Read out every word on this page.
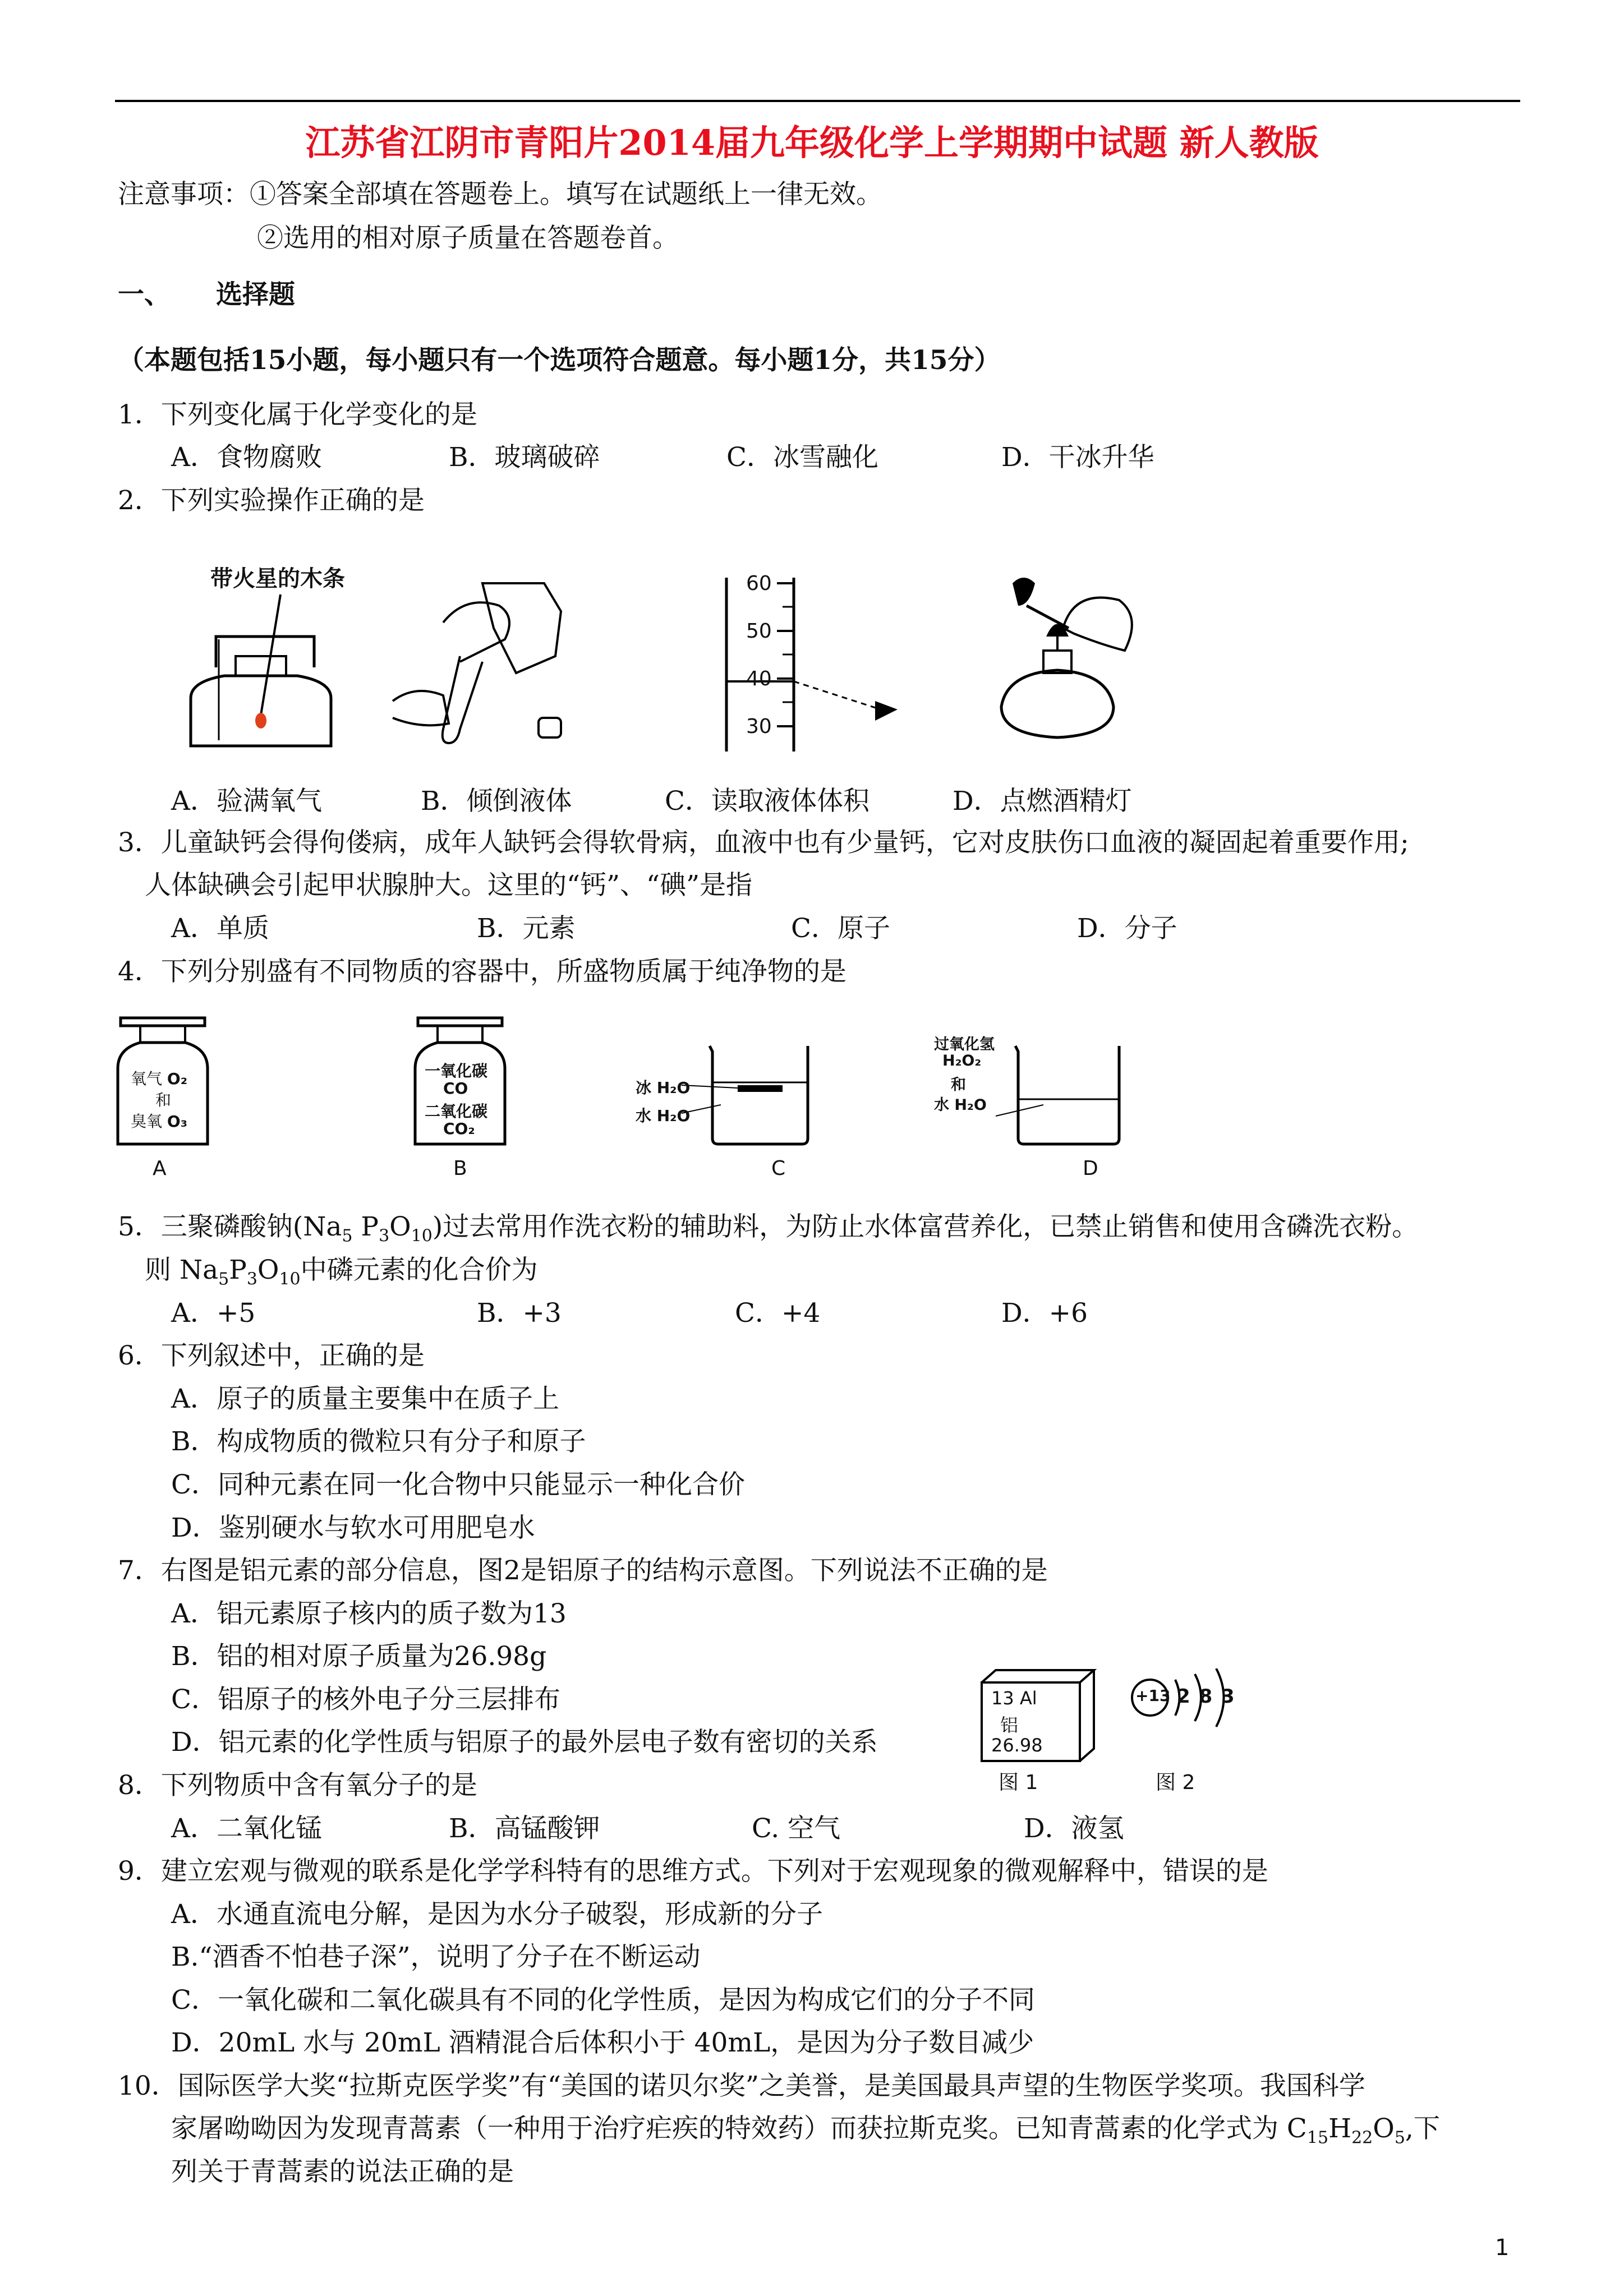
江苏省江阴市青阳片2014届九年级化学上学期期中试题 新人教版
注意事项：①答案全部填在答题卷上。填写在试题纸上一律无效。
②选用的相对原子质量在答题卷首。
一、 选择题
（本题包括15小题，每小题只有一个选项符合题意。每小题1分，共15分）
1．下列变化属于化学变化的是
A．食物腐败	B．玻璃破碎	C．冰雪融化	D．干冰升华
2．下列实验操作正确的是
带火星的木条	60
50
40
30
A．验满氧气	B．倾倒液体	C．读取液体体积	D．点燃酒精灯
3．儿童缺钙会得佝偻病，成年人缺钙会得软骨病，血液中也有少量钙，它对皮肤伤口血液的凝固起着重要作用;
人体缺碘会引起甲状腺肿大。这里的“钙”、“碘”是指
A．单质	B．元素	C．原子	D．分子
4．下列分别盛有不同物质的容器中，所盛物质属于纯净物的是
氧气 O₂
和
臭氧 O₃
A
一氧化碳
CO
二氧化碳
CO₂
B
冰 H₂O
水 H₂O
C
过氧化氢
H₂O₂
和
水 H₂O
D
5．三聚磷酸钠($Na_5$ $P_3O_{10}$)过去常用作洗衣粉的辅助料，为防止水体富营养化，已禁止销售和使用含磷洗衣粉。
则 $Na_5P_3O_{10}$中磷元素的化合价为
A．+5	B．+3	C．+4	D．+6
6．下列叙述中，正确的是
A．原子的质量主要集中在质子上
B．构成物质的微粒只有分子和原子
C．同种元素在同一化合物中只能显示一种化合价
D．鉴别硬水与软水可用肥皂水
7．右图是铝元素的部分信息，图2是铝原子的结构示意图。下列说法不正确的是
A．铝元素原子核内的质子数为13
B．铝的相对原子质量为26.98g
C．铝原子的核外电子分三层排布
D．铝元素的化学性质与铝原子的最外层电子数有密切的关系
13 Al
铝
26.98
图 1
+13 2 8 3
图 2
8．下列物质中含有氧分子的是
A．二氧化锰	B．高锰酸钾	C. 空气	D．液氢
9．建立宏观与微观的联系是化学学科特有的思维方式。下列对于宏观现象的微观解释中，错误的是
A．水通直流电分解，是因为水分子破裂，形成新的分子
B.“酒香不怕巷子深”，说明了分子在不断运动
C．一氧化碳和二氧化碳具有不同的化学性质，是因为构成它们的分子不同
D．20mL 水与 20mL 酒精混合后体积小于 40mL，是因为分子数目减少
10．国际医学大奖“拉斯克医学奖”有“美国的诺贝尔奖”之美誉，是美国最具声望的生物医学奖项。我国科学
家屠呦呦因为发现青蒿素（一种用于治疗疟疾的特效药）而获拉斯克奖。已知青蒿素的化学式为 $C_{15}H_{22}O_5$,下
列关于青蒿素的说法正确的是
1
